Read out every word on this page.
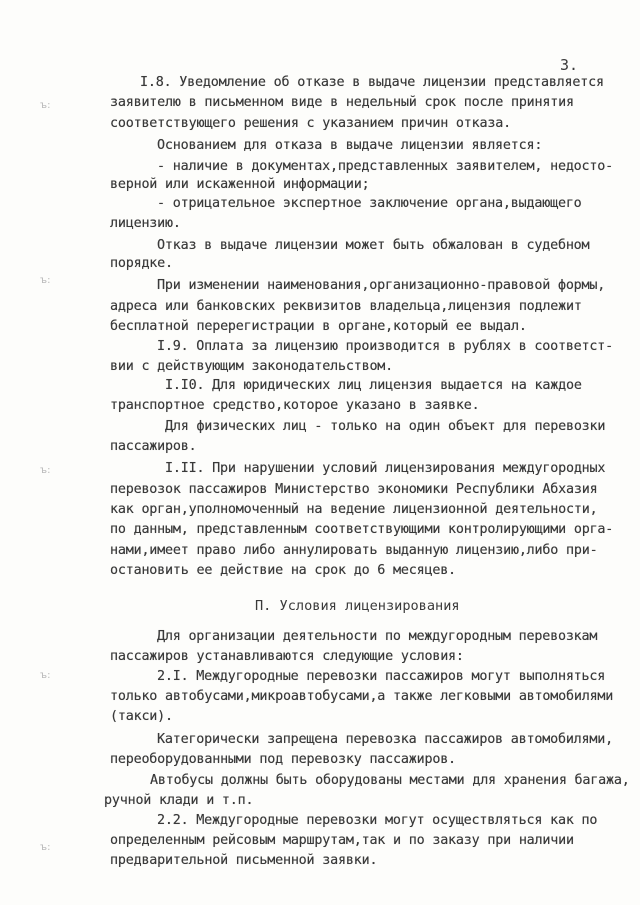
3.
I.8. Уведомление об отказе в выдаче лицензии представляется
заявителю в письменном виде в недельный срок после принятия
соответствующего решения с указанием причин отказа.
Основанием для отказа в выдаче лицензии является:
- наличие в документах,представленных заявителем, недосто-
верной или искаженной информации;
- отрицательное экспертное заключение органа,выдающего
лицензию.
Отказ в выдаче лицензии может быть обжалован в судебном
порядке.
При изменении наименования,организационно-правовой формы,
адреса или банковских реквизитов владельца,лицензия подлежит
бесплатной перерегистрации в органе,который ее выдал.
I.9. Оплата за лицензию производится в рублях в соответст-
вии с действующим законодательством.
I.I0. Для юридических лиц лицензия выдается на каждое
транспортное средство,которое указано в заявке.
Для физических лиц - только на один объект для перевозки
пассажиров.
I.II. При нарушении условий лицензирования междугородных
перевозок пассажиров Министерство экономики Республики Абхазия
как орган,уполномоченный на ведение лицензионной деятельности,
по данным, представленным соответствующими контролирующими орга-
нами,имеет право либо аннулировать выданную лицензию,либо при-
остановить ее действие на срок до 6 месяцев.
П. Условия лицензирования
Для организации деятельности по междугородным перевозкам
пассажиров устанавливаются следующие условия:
2.I. Междугородные перевозки пассажиров могут выполняться
только автобусами,микроавтобусами,а также легковыми автомобилями
(такси).
Категорически запрещена перевозка пассажиров автомобилями,
переоборудованными под перевозку пассажиров.
Автобусы должны быть оборудованы местами для хранения багажа,
ручной клади и т.п.
2.2. Междугородные перевозки могут осуществляться как по
определенным рейсовым маршрутам,так и по заказу при наличии
предварительной письменной заявки.
ъ:
ъ:
ъ:
ъ:
ъ:
